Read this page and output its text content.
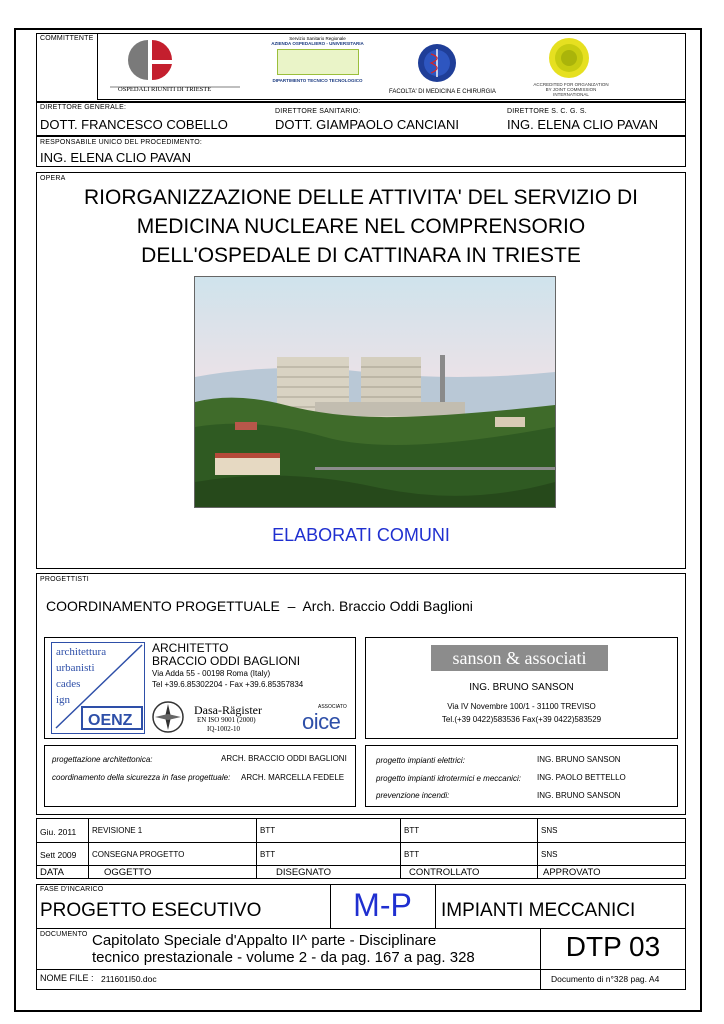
COMMITTENTE
OSPEDALI RIUNITI DI TRIESTE
Servizio Sanitario Regionale
AZIENDA OSPEDALIERO - UNIVERSITARIA
DIPARTIMENTO TECNICO TECNOLOGICO
FACOLTA' DI MEDICINA E CHIRURGIA
ACCREDITED FOR ORGANIZATION BY JOINT COMMISSION INTERNATIONAL
DIRETTORE GENERALE:
DOTT. FRANCESCO COBELLO
DIRETTORE SANITARIO:
DOTT. GIAMPAOLO CANCIANI
DIRETTORE S. C. G. S.
ING. ELENA CLIO PAVAN
RESPONSABILE UNICO DEL PROCEDIMENTO:
ING. ELENA CLIO PAVAN
OPERA
RIORGANIZZAZIONE DELLE ATTIVITA' DEL SERVIZIO DI
MEDICINA NUCLEARE NEL COMPRENSORIO
DELL'OSPEDALE DI CATTINARA IN TRIESTE
ELABORATI COMUNI
PROGETTISTI
COORDINAMENTO PROGETTUALE  –  Arch. Braccio Oddi Baglioni
OENZ
architettura
urbanisti
cades
ign
ARCHITETTO
BRACCIO ODDI BAGLIONI
Via Adda 55 - 00198 Roma (Italy)
Tel +39.6.85302204 - Fax +39.6.85357834
Dasa-Rägister
EN ISO 9001 (2000)
IQ-1002-10
ASSOCIATO
oice
sanson & associati
ING. BRUNO SANSON
Via IV Novembre 100/1 - 31100 TREVISO
Tel.(+39 0422)583536 Fax(+39 0422)583529
progettazione architettonica:	ARCH. BRACCIO ODDI BAGLIONI
coordinamento della sicurezza in fase progettuale: ARCH. MARCELLA FEDELE
progetto impianti elettrici:	ING. BRUNO SANSON
progetto impianti idrotermici e meccanici: ING. PAOLO BETTELLO
prevenzione incendi:	ING. BRUNO SANSON
Giu. 2011 REVISIONE 1	BTT	BTT	SNS
Sett 2009 CONSEGNA PROGETTO	BTT	BTT	SNS
DATA	OGGETTO	DISEGNATO	CONTROLLATO	APPROVATO
FASE D'INCARICO
PROGETTO ESECUTIVO	M-P	IMPIANTI MECCANICI
DOCUMENTO Capitolato Speciale d'Appalto II^ parte - Disciplinare
tecnico prestazionale - volume 2 - da pag. 167 a pag. 328	DTP 03
NOME FILE : 211601I50.doc	Documento di n°328 pag. A4
